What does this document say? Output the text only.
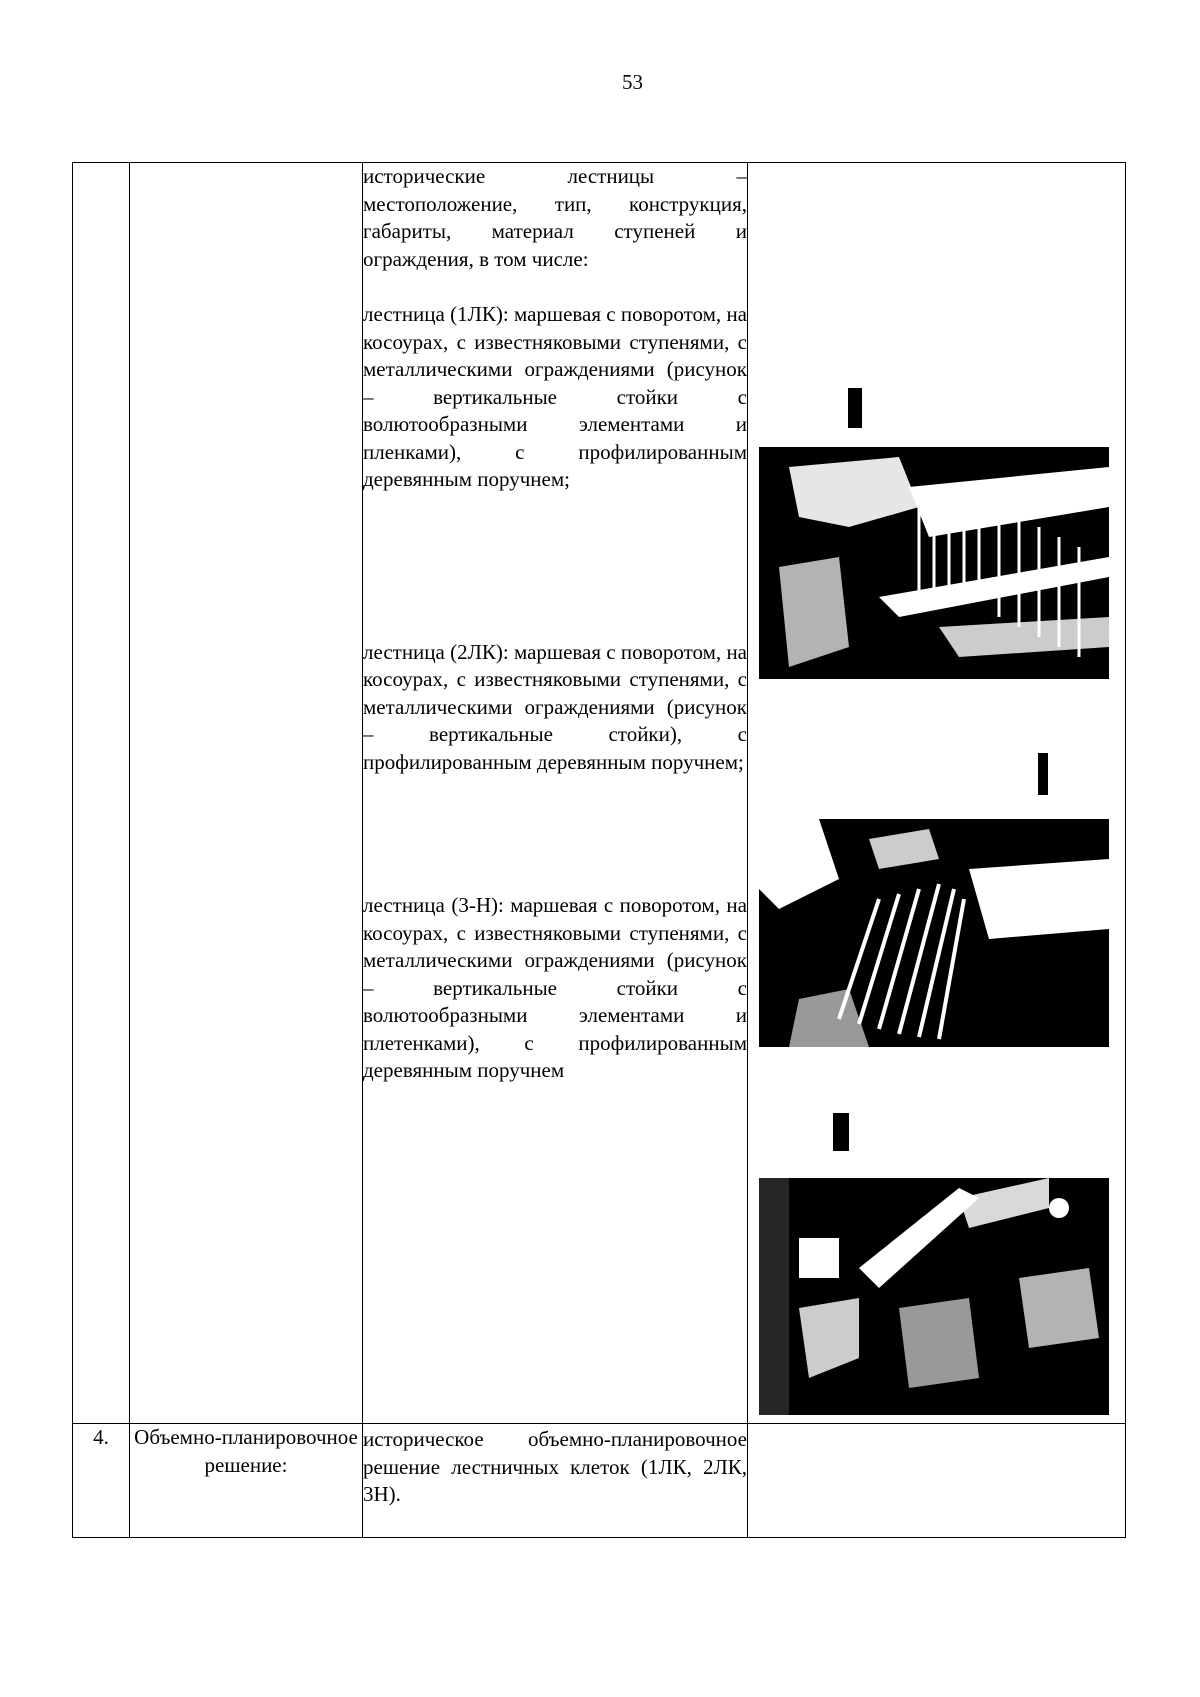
53

		исторические лестницы – местоположение, тип, конструкция, габариты, материал ступеней и ограждения, в том числе:

лестница (1ЛК): маршевая с поворотом, на косоурах, с известняковыми ступенями, с металлическими ограждениями (рисунок – вертикальные стойки с волютообразными элементами и пленками), с профилированным деревянным поручнем;

лестница (2ЛК): маршевая с поворотом, на косоурах, с известняковыми ступенями, с металлическими ограждениями (рисунок – вертикальные стойки), с профилированным деревянным поручнем;

лестница (3-Н): маршевая с поворотом, на косоурах, с известняковыми ступенями, с металлическими ограждениями (рисунок – вертикальные стойки с волютообразными элементами и плетенками), с профилированным деревянным поручнем

4.	Объемно-планировочное решение:	историческое объемно-планировочное решение лестничных клеток (1ЛК, 2ЛК, 3Н).	
